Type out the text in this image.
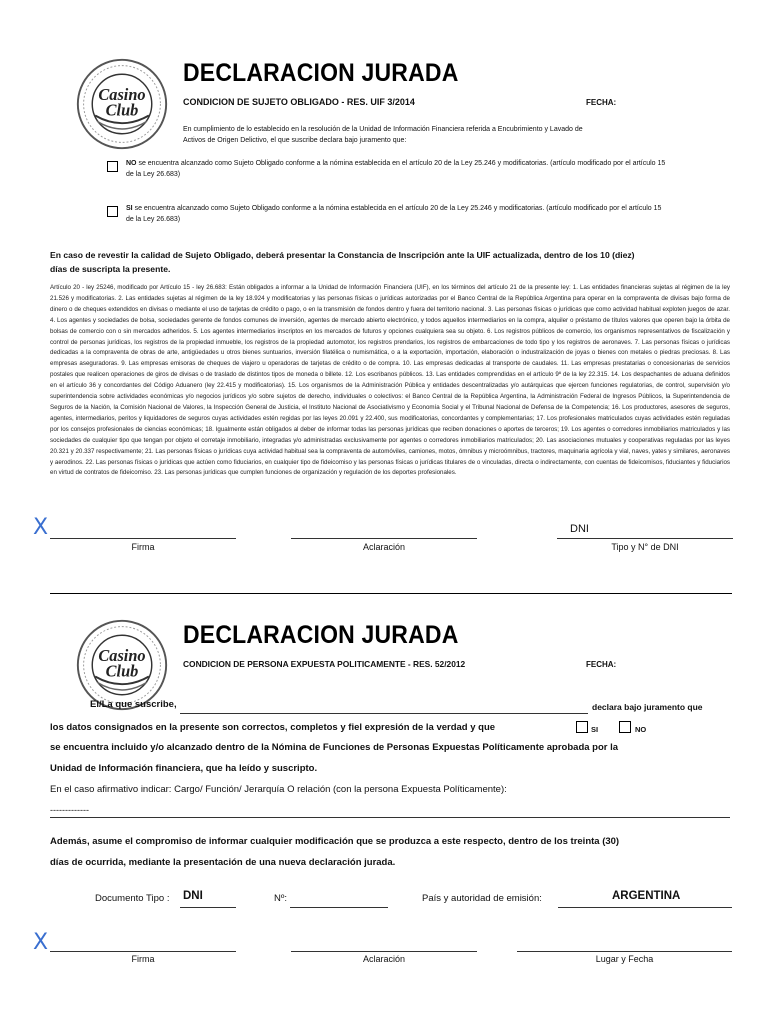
Casino
Club
DECLARACION JURADA
CONDICION DE SUJETO OBLIGADO - RES. UIF 3/2014	FECHA:
En cumplimiento de lo establecido en la resolución de la Unidad de Información Financiera referida a Encubrimiento y Lavado de
Activos de Origen Delictivo, el que suscribe declara bajo juramento que:
NO se encuentra alcanzado como Sujeto Obligado conforme a la nómina establecida en el artículo 20 de la Ley 25.246 y modificatorias. (artículo modificado por el artículo 15
de la Ley 26.683)
SI se encuentra alcanzado como Sujeto Obligado conforme a la nómina establecida en el artículo 20 de la Ley 25.246 y modificatorias. (artículo modificado por el artículo 15
de la Ley 26.683)
En caso de revestir la calidad de Sujeto Obligado, deberá presentar la Constancia de Inscripción ante la UIF actualizada, dentro de los 10 (diez)
días de suscripta la presente.
Artículo 20 - ley 25246, modificado por Artículo 15 - ley 26.683: Están obligados a informar a la Unidad de Información Financiera (UIF), en los términos del artículo 21 de la presente ley: 1. Las entidades financieras sujetas al régimen de la ley 21.526 y modificatorias. 2. Las entidades sujetas al régimen de la ley 18.924 y modificatorias y las personas físicas o jurídicas autorizadas por el Banco Central de la República Argentina para operar en la compraventa de divisas bajo forma de dinero o de cheques extendidos en divisas o mediante el uso de tarjetas de crédito o pago, o en la transmisión de fondos dentro y fuera del territorio nacional. 3. Las personas físicas o jurídicas que como actividad habitual exploten juegos de azar. 4. Los agentes y sociedades de bolsa, sociedades gerente de fondos comunes de inversión, agentes de mercado abierto electrónico, y todos aquellos intermediarios en la compra, alquiler o préstamo de títulos valores que operen bajo la órbita de bolsas de comercio con o sin mercados adheridos. 5. Los agentes intermediarios inscriptos en los mercados de futuros y opciones cualquiera sea su objeto. 6. Los registros públicos de comercio, los organismos representativos de fiscalización y control de personas jurídicas, los registros de la propiedad inmueble, los registros de la propiedad automotor, los registros prendarios, los registros de embarcaciones de todo tipo y los registros de aeronaves. 7. Las personas físicas o jurídicas dedicadas a la compraventa de obras de arte, antigüedades u otros bienes suntuarios, inversión filatélica o numismática, o a la exportación, importación, elaboración o industralización de joyas o bienes con metales o piedras preciosas. 8. Las empresas aseguradoras. 9. Las empresas emisoras de cheques de viajero u operadoras de tarjetas de crédito o de compra. 10. Las empresas dedicadas al transporte de caudales. 11. Las empresas prestatarias o concesionarias de servicios postales que realicen operaciones de giros de divisas o de traslado de distintos tipos de moneda o billete. 12. Los escribanos públicos. 13. Las entidades comprendidas en el artículo 9º de la ley 22.315. 14. Los despachantes de aduana definidos en el artículo 36 y concordantes del Código Aduanero (ley 22.415 y modificatorias). 15. Los organismos de la Administración Pública y entidades descentralizadas y/o autárquicas que ejercen funciones regulatorias, de control, supervisión y/o superintendencia sobre actividades económicas y/o negocios jurídicos y/o sobre sujetos de derecho, individuales o colectivos: el Banco Central de la República Argentina, la Administración Federal de Ingresos Públicos, la Superintendencia de Seguros de la Nación, la Comisión Nacional de Valores, la Inspección General de Justicia, el Instituto Nacional de Asociativismo y Economía Social y el Tribunal Nacional de Defensa de la Competencia; 16. Los productores, asesores de seguros, agentes, intermediarios, peritos y liquidadores de seguros cuyas actividades estén regidas por las leyes 20.091 y 22.400, sus modificatorias, concordantes y complementarias; 17. Los profesionales matriculados cuyas actividades estén reguladas por los consejos profesionales de ciencias económicas; 18. Igualmente están obligados al deber de informar todas las personas jurídicas que reciben donaciones o aportes de terceros; 19. Los agentes o corredores inmobiliarios matriculados y las sociedades de cualquier tipo que tengan por objeto el corretaje inmobiliario, integradas y/o administradas exclusivamente por agentes o corredores inmobiliarios matriculados; 20. Las asociaciones mutuales y cooperativas reguladas por las leyes 20.321 y 20.337 respectivamente; 21. Las personas físicas o jurídicas cuya actividad habitual sea la compraventa de automóviles, camiones, motos, ómnibus y microómnibus, tractores, maquinaria agrícola y vial, naves, yates y similares, aeronaves y aerodinos. 22. Las personas físicas o jurídicas que actúen como fiduciarios, en cualquier tipo de fideicomiso y las personas físicas o jurídicas titulares de o vinculadas, directa o indirectamente, con cuentas de fideicomisos, fiduciantes y fiduciarios en virtud de contratos de fideicomiso. 23. Las personas jurídicas que cumplen funciones de organización y regulación de los deportes profesionales.
X
Firma	Aclaración
DNI
Tipo y N° de DNI
Casino
Club
DECLARACION JURADA
CONDICION DE PERSONA EXPUESTA POLITICAMENTE - RES. 52/2012	FECHA:
El/La que suscribe,	declara bajo juramento que
los datos consignados en la presente son correctos, completos y fiel expresión de la verdad y que	SI	NO
se encuentra incluido y/o alcanzado dentro de la Nómina de Funciones de Personas Expuestas Políticamente aprobada por la
Unidad de Información financiera, que ha leído y suscripto.
En el caso afirmativo indicar: Cargo/ Función/ Jerarquía O relación (con la persona Expuesta Políticamente):
-------------
Además, asume el compromiso de informar cualquier modificación que se produzca a este respecto, dentro de los treinta (30)
días de ocurrida, mediante la presentación de una nueva declaración jurada.
Documento Tipo : DNI	Nº:	País y autoridad de emisión:	ARGENTINA
X
Firma	Aclaración	Lugar y Fecha
